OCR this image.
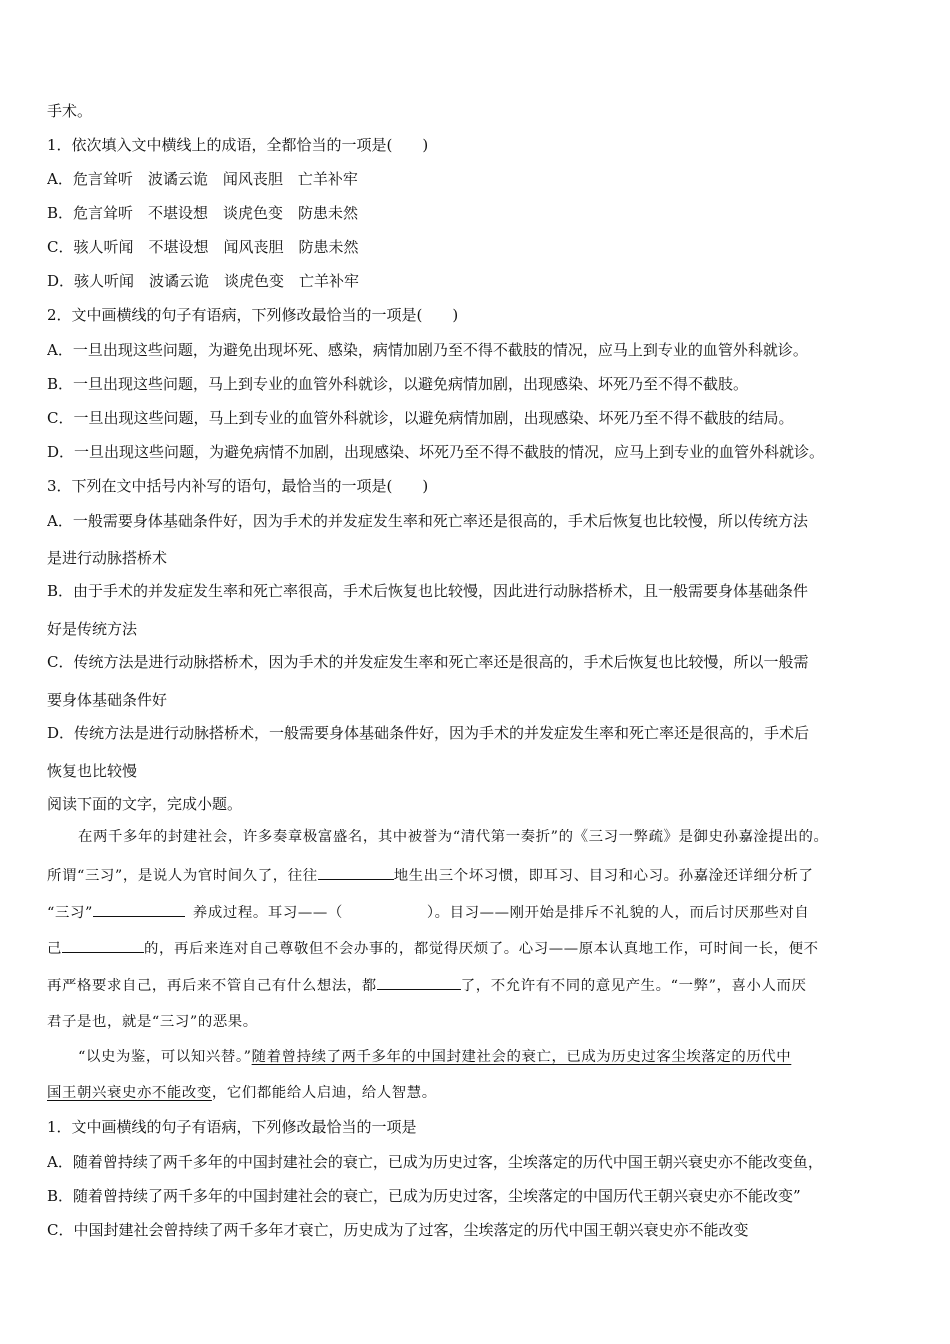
手术。
1．依次填入文中横线上的成语，全都恰当的一项是(　　)
A．危言耸听　波谲云诡　闻风丧胆　亡羊补牢
B．危言耸听　不堪设想　谈虎色变　防患未然
C．骇人听闻　不堪设想　闻风丧胆　防患未然
D．骇人听闻　波谲云诡　谈虎色变　亡羊补牢
2．文中画横线的句子有语病，下列修改最恰当的一项是(　　)
A．一旦出现这些问题，为避免出现坏死、感染，病情加剧乃至不得不截肢的情况，应马上到专业的血管外科就诊。
B．一旦出现这些问题，马上到专业的血管外科就诊，以避免病情加剧，出现感染、坏死乃至不得不截肢。
C．一旦出现这些问题，马上到专业的血管外科就诊，以避免病情加剧，出现感染、坏死乃至不得不截肢的结局。
D．一旦出现这些问题，为避免病情不加剧，出现感染、坏死乃至不得不截肢的情况，应马上到专业的血管外科就诊。
3．下列在文中括号内补写的语句，最恰当的一项是(　　)
A．一般需要身体基础条件好，因为手术的并发症发生率和死亡率还是很高的，手术后恢复也比较慢，所以传统方法
是进行动脉搭桥术
B．由于手术的并发症发生率和死亡率很高，手术后恢复也比较慢，因此进行动脉搭桥术，且一般需要身体基础条件
好是传统方法
C．传统方法是进行动脉搭桥术，因为手术的并发症发生率和死亡率还是很高的，手术后恢复也比较慢，所以一般需
要身体基础条件好
D．传统方法是进行动脉搭桥术，一般需要身体基础条件好，因为手术的并发症发生率和死亡率还是很高的，手术后
恢复也比较慢
阅读下面的文字，完成小题。
在两千多年的封建社会，许多奏章极富盛名，其中被誉为“清代第一奏折”的《三习一弊疏》是御史孙嘉淦提出的。
所谓“三习”，是说人为官时间久了，往往	地生出三个坏习惯，即耳习、目习和心习。孙嘉淦还详细分析了
“三习”	养成过程。耳习——（	）。目习——刚开始是排斥不礼貌的人，而后讨厌那些对自
己	的，再后来连对自己尊敬但不会办事的，都觉得厌烦了。心习——原本认真地工作，可时间一长，便不
再严格要求自己，再后来不管自己有什么想法，都	了，不允许有不同的意见产生。“一弊”，喜小人而厌
君子是也，就是“三习”的恶果。
“以史为鉴，可以知兴替。”随着曾持续了两千多年的中国封建社会的衰亡，已成为历史过客尘埃落定的历代中
国王朝兴衰史亦不能改变，它们都能给人启迪，给人智慧。
1．文中画横线的句子有语病，下列修改最恰当的一项是
A．随着曾持续了两千多年的中国封建社会的衰亡，已成为历史过客，尘埃落定的历代中国王朝兴衰史亦不能改变鱼，
B．随着曾持续了两千多年的中国封建社会的衰亡，已成为历史过客，尘埃落定的中国历代王朝兴衰史亦不能改变”
C．中国封建社会曾持续了两千多年才衰亡，历史成为了过客，尘埃落定的历代中国王朝兴衰史亦不能改变
